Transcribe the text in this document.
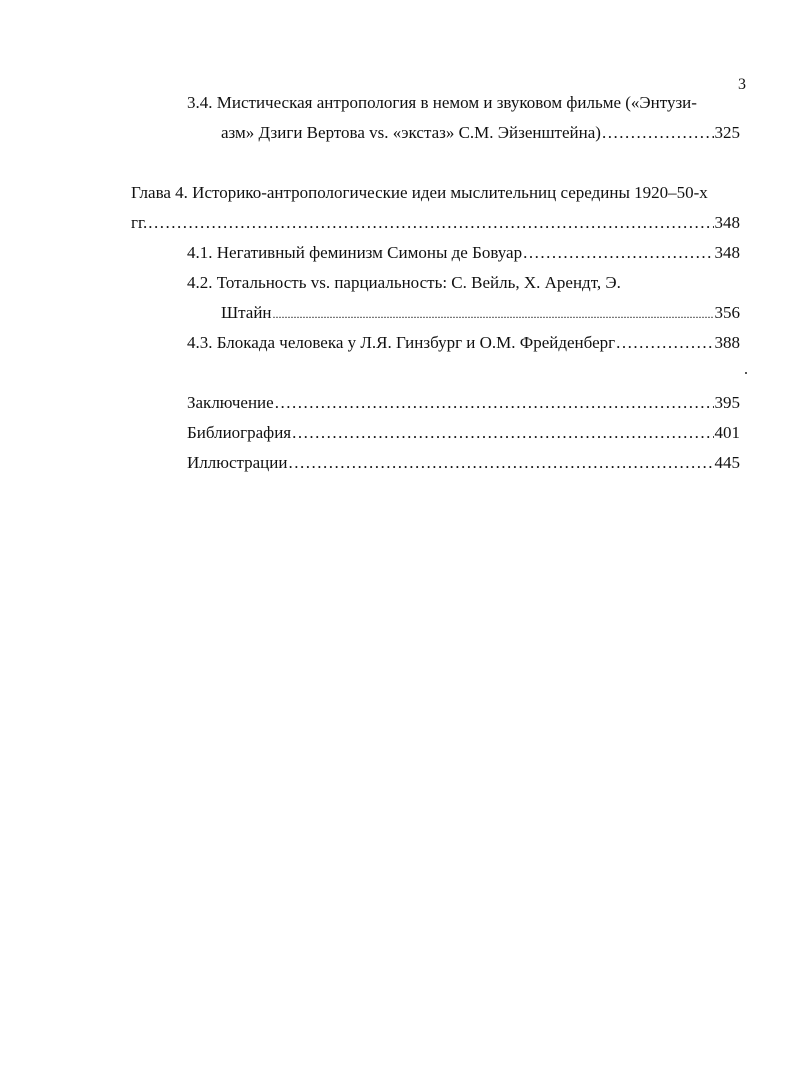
3
3.4. Мистическая антропология в немом и звуковом фильме («Энтузи-
азм» Дзиги Вертова vs. «экстаз» С.М. Эйзенштейна) .....	325
Глава 4. Историко-антропологические идеи мыслительниц середины 1920–50-х
гг. .....	348
4.1. Негативный феминизм Симоны де Бовуар .....	348
4.2. Тотальность vs. парциальность: С. Вейль, Х. Арендт, Э.
Штайн .....	356
4.3. Блокада человека у Л.Я. Гинзбург и О.М. Фрейденберг .....	388
Заключение .....	395
Библиография .....	401
Иллюстрации .....	445
